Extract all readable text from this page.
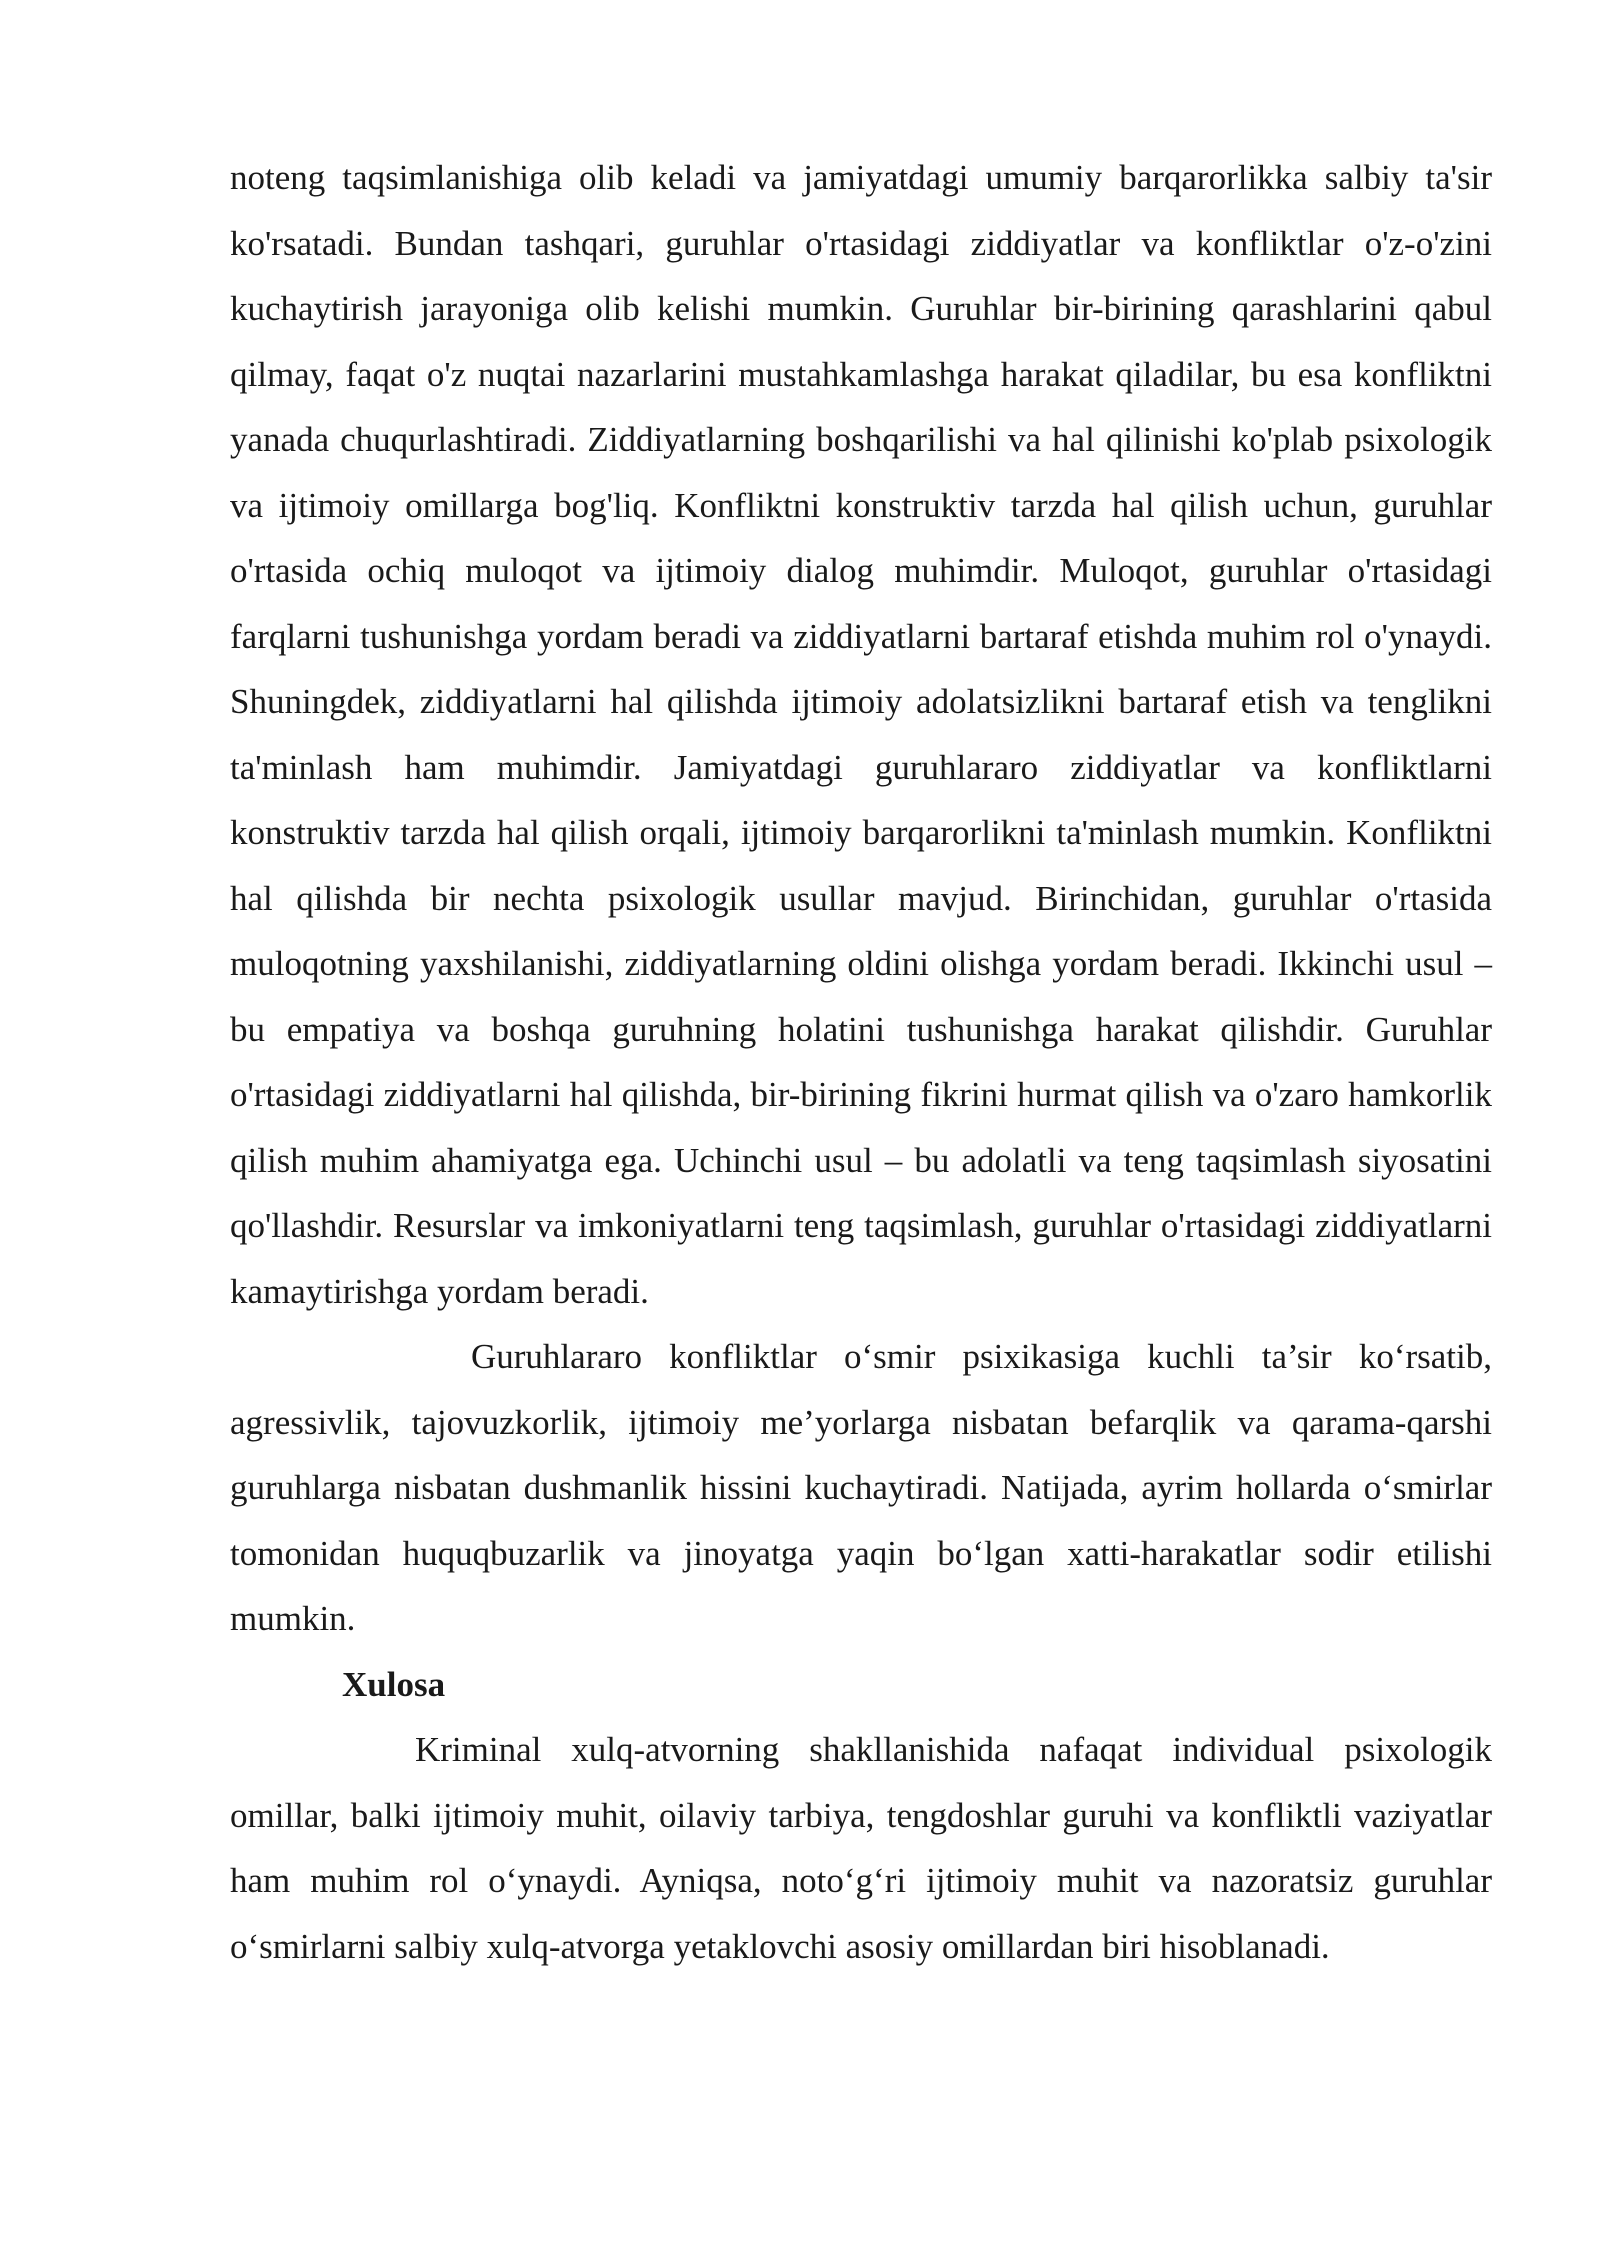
noteng taqsimlanishiga olib keladi va jamiyatdagi umumiy barqarorlikka salbiy ta'sir ko'rsatadi. Bundan tashqari, guruhlar o'rtasidagi ziddiyatlar va konfliktlar o'z-o'zini kuchaytirish jarayoniga olib kelishi mumkin. Guruhlar bir-birining qarashlarini qabul qilmay, faqat o'z nuqtai nazarlarini mustahkamlashga harakat qiladilar, bu esa konfliktni yanada chuqurlashtiradi. Ziddiyatlarning boshqarilishi va hal qilinishi ko'plab psixologik va ijtimoiy omillarga bog'liq. Konfliktni konstruktiv tarzda hal qilish uchun, guruhlar o'rtasida ochiq muloqot va ijtimoiy dialog muhimdir. Muloqot, guruhlar o'rtasidagi farqlarni tushunishga yordam beradi va ziddiyatlarni bartaraf etishda muhim rol o'ynaydi. Shuningdek, ziddiyatlarni hal qilishda ijtimoiy adolatsizlikni bartaraf etish va tenglikni ta'minlash ham muhimdir. Jamiyatdagi guruhlararo ziddiyatlar va konfliktlarni konstruktiv tarzda hal qilish orqali, ijtimoiy barqarorlikni ta'minlash mumkin. Konfliktni hal qilishda bir nechta psixologik usullar mavjud. Birinchidan, guruhlar o'rtasida muloqotning yaxshilanishi, ziddiyatlarning oldini olishga yordam beradi. Ikkinchi usul – bu empatiya va boshqa guruhning holatini tushunishga harakat qilishdir. Guruhlar o'rtasidagi ziddiyatlarni hal qilishda, bir-birining fikrini hurmat qilish va o'zaro hamkorlik qilish muhim ahamiyatga ega. Uchinchi usul – bu adolatli va teng taqsimlash siyosatini qo'llashdir. Resurslar va imkoniyatlarni teng taqsimlash, guruhlar o'rtasidagi ziddiyatlarni kamaytirishga yordam beradi.

Guruhlararo konfliktlar o‘smir psixikasiga kuchli ta’sir ko‘rsatib, agressivlik, tajovuzkorlik, ijtimoiy me’yorlarga nisbatan befarqlik va qarama-qarshi guruhlarga nisbatan dushmanlik hissini kuchaytiradi. Natijada, ayrim hollarda o‘smirlar tomonidan huquqbuzarlik va jinoyatga yaqin bo‘lgan xatti-harakatlar sodir etilishi mumkin.

Xulosa

Kriminal xulq-atvorning shakllanishida nafaqat individual psixologik omillar, balki ijtimoiy muhit, oilaviy tarbiya, tengdoshlar guruhi va konfliktli vaziyatlar ham muhim rol o‘ynaydi. Ayniqsa, noto‘g‘ri ijtimoiy muhit va nazoratsiz guruhlar o‘smirlarni salbiy xulq-atvorga yetaklovchi asosiy omillardan biri hisoblanadi.
